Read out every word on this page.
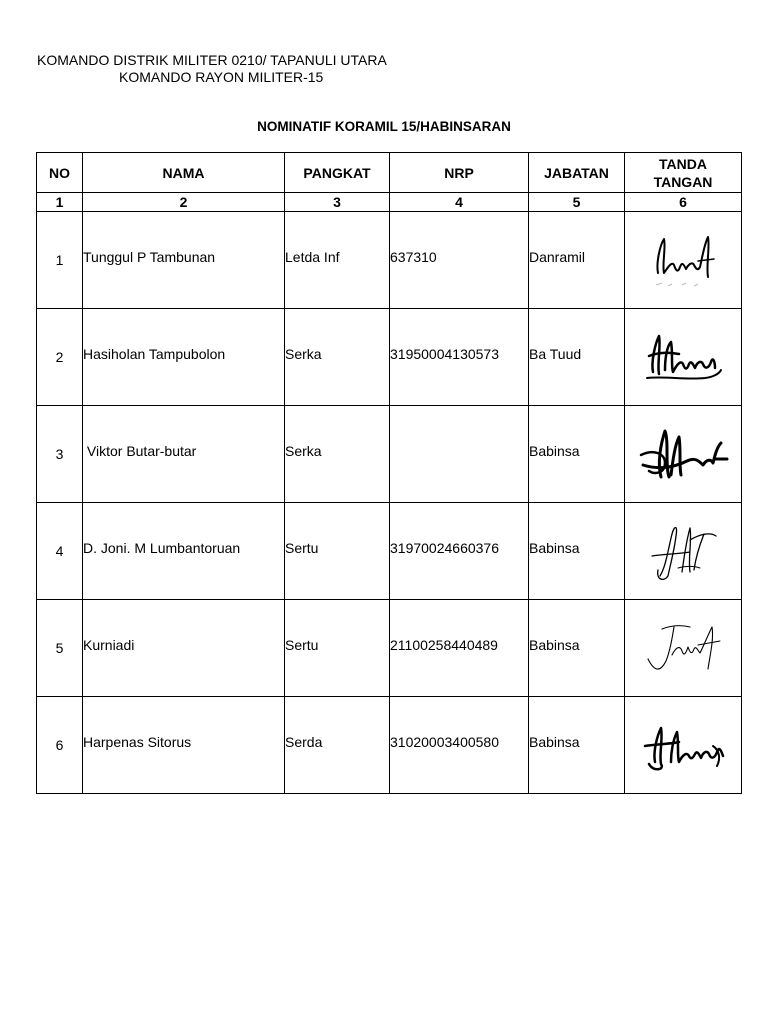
KOMANDO DISTRIK MILITER 0210/ TAPANULI UTARA
KOMANDO RAYON MILITER-15
NOMINATIF KORAMIL 15/HABINSARAN
NO	NAMA	PANGKAT	NRP	JABATAN	TANDA
TANGAN

1	2	3	4	5	6
1	Tunggul P Tambunan	Letda Inf	637310	Danramil	

2	Hasiholan Tampubolon	Serka	31950004130573	Ba Tuud	

3	Viktor Butar-butar	Serka		Babinsa	

4	D. Joni. M Lumbantoruan	Sertu	31970024660376	Babinsa	

5	Kurniadi	Sertu	21100258440489	Babinsa	

6	Harpenas Sitorus	Serda	31020003400580	Babinsa	
